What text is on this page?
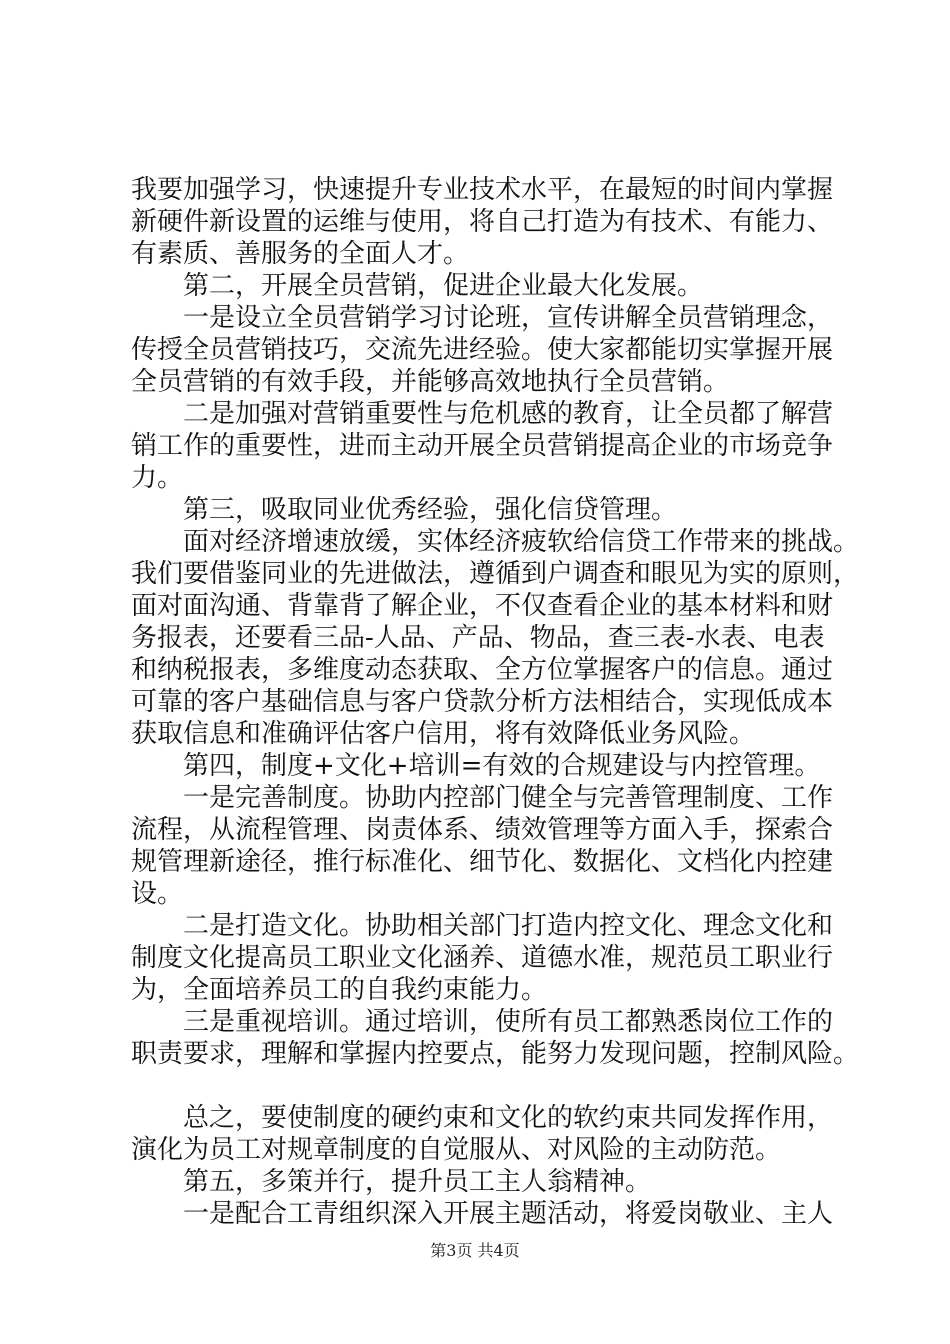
我要加强学习，快速提升专业技术水平，在最短的时间内掌握
新硬件新设置的运维与使用，将自己打造为有技术、有能力、
有素质、善服务的全面人才。
第二，开展全员营销，促进企业最大化发展。
一是设立全员营销学习讨论班，宣传讲解全员营销理念，
传授全员营销技巧，交流先进经验。使大家都能切实掌握开展
全员营销的有效手段，并能够高效地执行全员营销。
二是加强对营销重要性与危机感的教育，让全员都了解营
销工作的重要性，进而主动开展全员营销提高企业的市场竞争
力。
第三，吸取同业优秀经验，强化信贷管理。
面对经济增速放缓，实体经济疲软给信贷工作带来的挑战。
我们要借鉴同业的先进做法，遵循到户调查和眼见为实的原则，
面对面沟通、背靠背了解企业，不仅查看企业的基本材料和财
务报表，还要看三品-人品、产品、物品，查三表-水表、电表
和纳税报表，多维度动态获取、全方位掌握客户的信息。通过
可靠的客户基础信息与客户贷款分析方法相结合，实现低成本
获取信息和准确评估客户信用，将有效降低业务风险。
第四，制度+文化+培训=有效的合规建设与内控管理。
一是完善制度。协助内控部门健全与完善管理制度、工作
流程，从流程管理、岗责体系、绩效管理等方面入手，探索合
规管理新途径，推行标准化、细节化、数据化、文档化内控建
设。
二是打造文化。协助相关部门打造内控文化、理念文化和
制度文化提高员工职业文化涵养、道德水准，规范员工职业行
为，全面培养员工的自我约束能力。
三是重视培训。通过培训，使所有员工都熟悉岗位工作的
职责要求，理解和掌握内控要点，能努力发现问题，控制风险。
总之，要使制度的硬约束和文化的软约束共同发挥作用，
演化为员工对规章制度的自觉服从、对风险的主动防范。
第五，多策并行，提升员工主人翁精神。
一是配合工青组织深入开展主题活动，将爱岗敬业、主人
第3页 共4页
